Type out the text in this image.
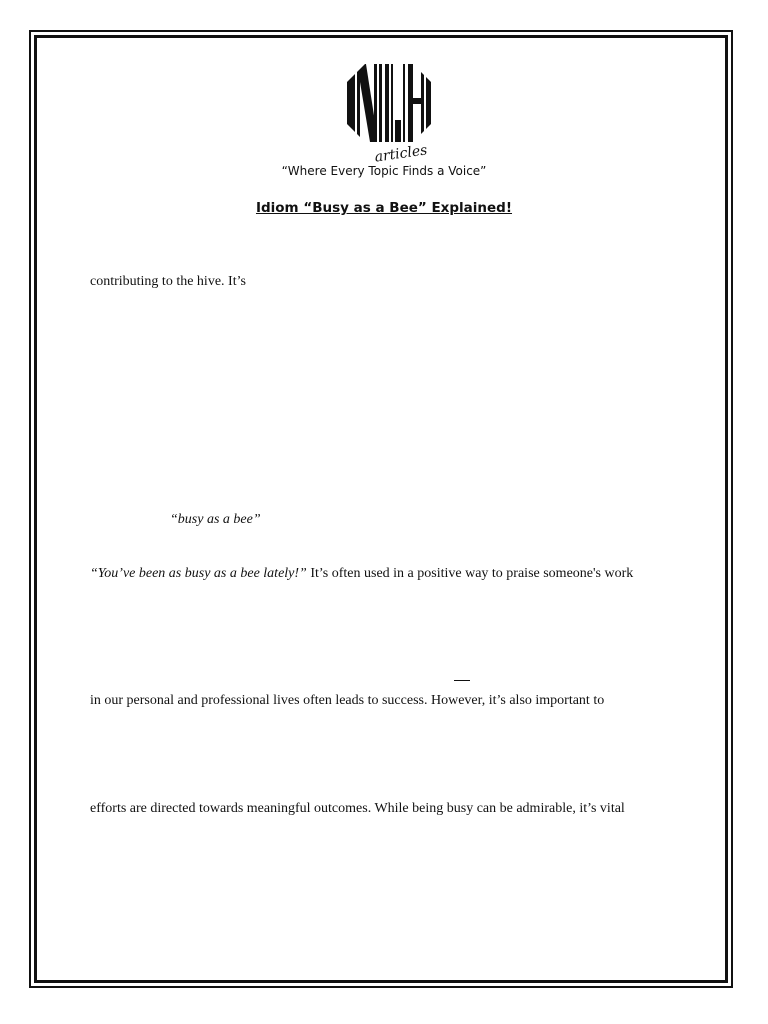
articles
“Where Every Topic Finds a Voice”
Idiom “Busy as a Bee” Explained!
contributing to the hive. It’s
“busy as a bee”
“You’ve been as busy as a bee lately!” It’s often used in a positive way to praise someone's work
in our personal and professional lives often leads to success. However, it’s also important to
efforts are directed towards meaningful outcomes. While being busy can be admirable, it’s vital
